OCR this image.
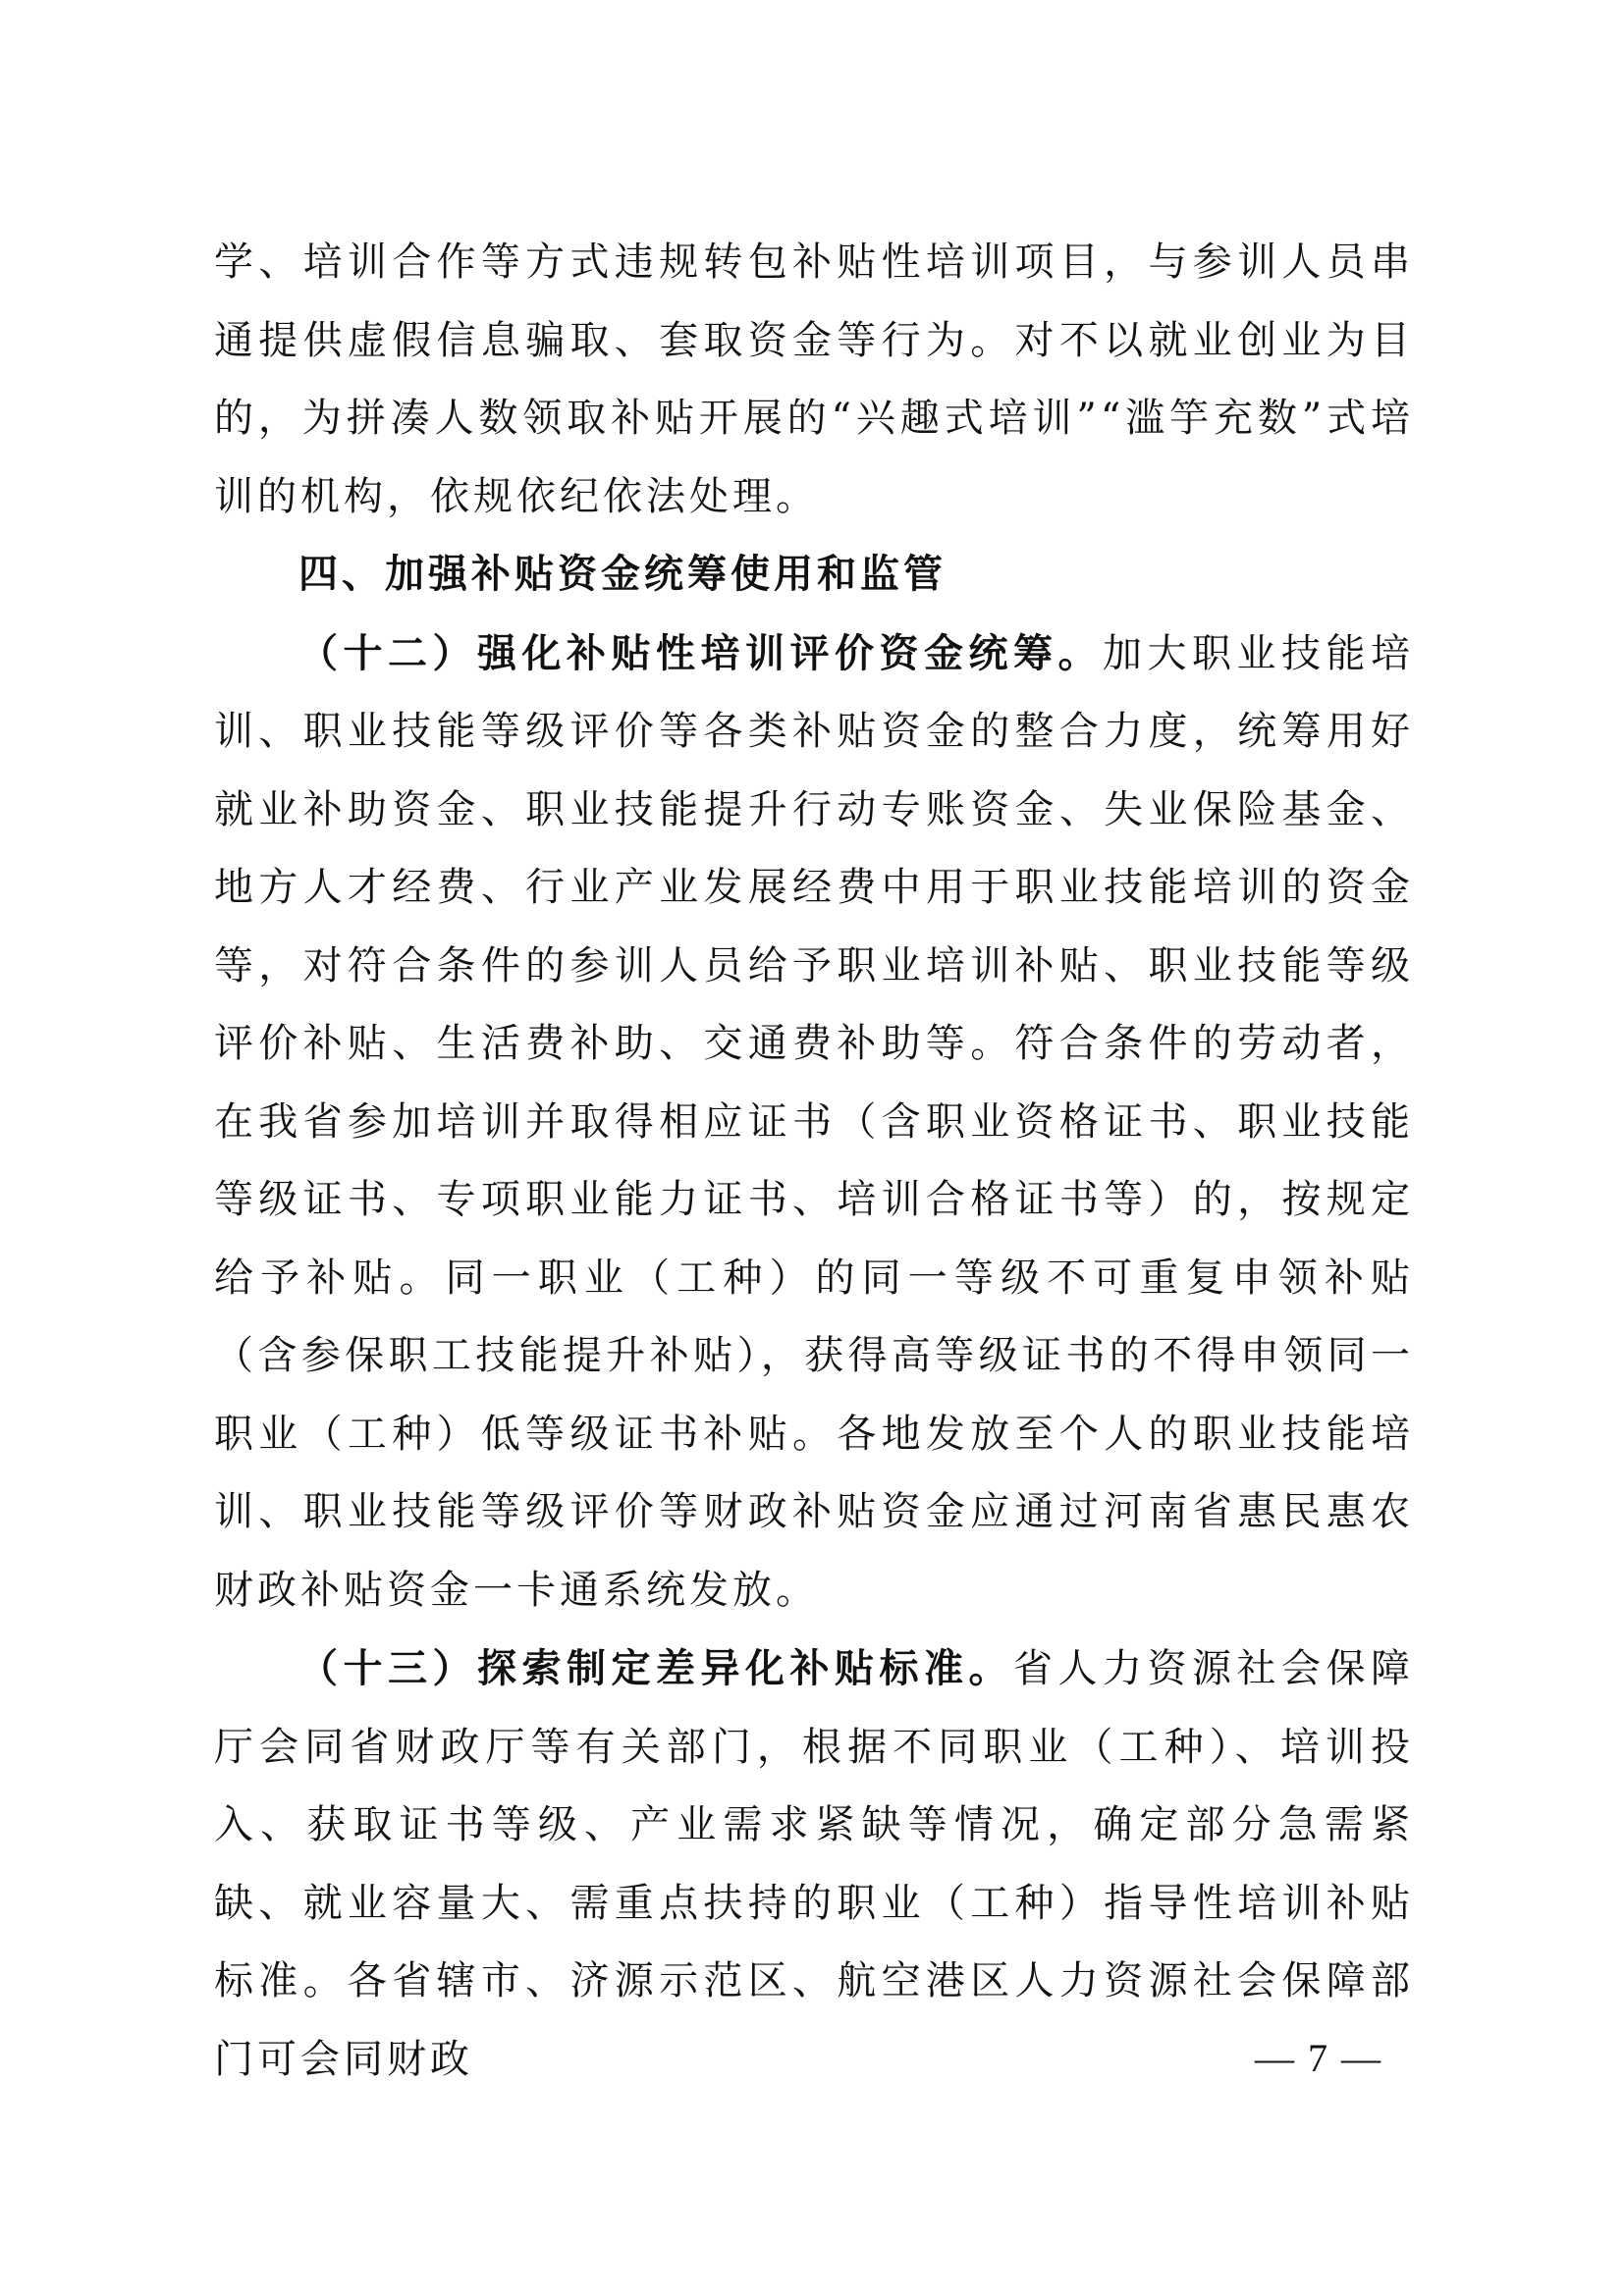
学、培训合作等方式违规转包补贴性培训项目，与参训人员串通提供虚假信息骗取、套取资金等行为。对不以就业创业为目的，为拼凑人数领取补贴开展的“兴趣式培训”“滥竽充数”式培训的机构，依规依纪依法处理。

四、加强补贴资金统筹使用和监管

（十二）强化补贴性培训评价资金统筹。加大职业技能培训、职业技能等级评价等各类补贴资金的整合力度，统筹用好就业补助资金、职业技能提升行动专账资金、失业保险基金、地方人才经费、行业产业发展经费中用于职业技能培训的资金等，对符合条件的参训人员给予职业培训补贴、职业技能等级评价补贴、生活费补助、交通费补助等。符合条件的劳动者，在我省参加培训并取得相应证书（含职业资格证书、职业技能等级证书、专项职业能力证书、培训合格证书等）的，按规定给予补贴。同一职业（工种）的同一等级不可重复申领补贴（含参保职工技能提升补贴），获得高等级证书的不得申领同一职业（工种）低等级证书补贴。各地发放至个人的职业技能培训、职业技能等级评价等财政补贴资金应通过河南省惠民惠农财政补贴资金一卡通系统发放。

（十三）探索制定差异化补贴标准。省人力资源社会保障厅会同省财政厅等有关部门，根据不同职业（工种）、培训投入、获取证书等级、产业需求紧缺等情况，确定部分急需紧缺、就业容量大、需重点扶持的职业（工种）指导性培训补贴标准。各省辖市、济源示范区、航空港区人力资源社会保障部门可会同财政	— 7 —
